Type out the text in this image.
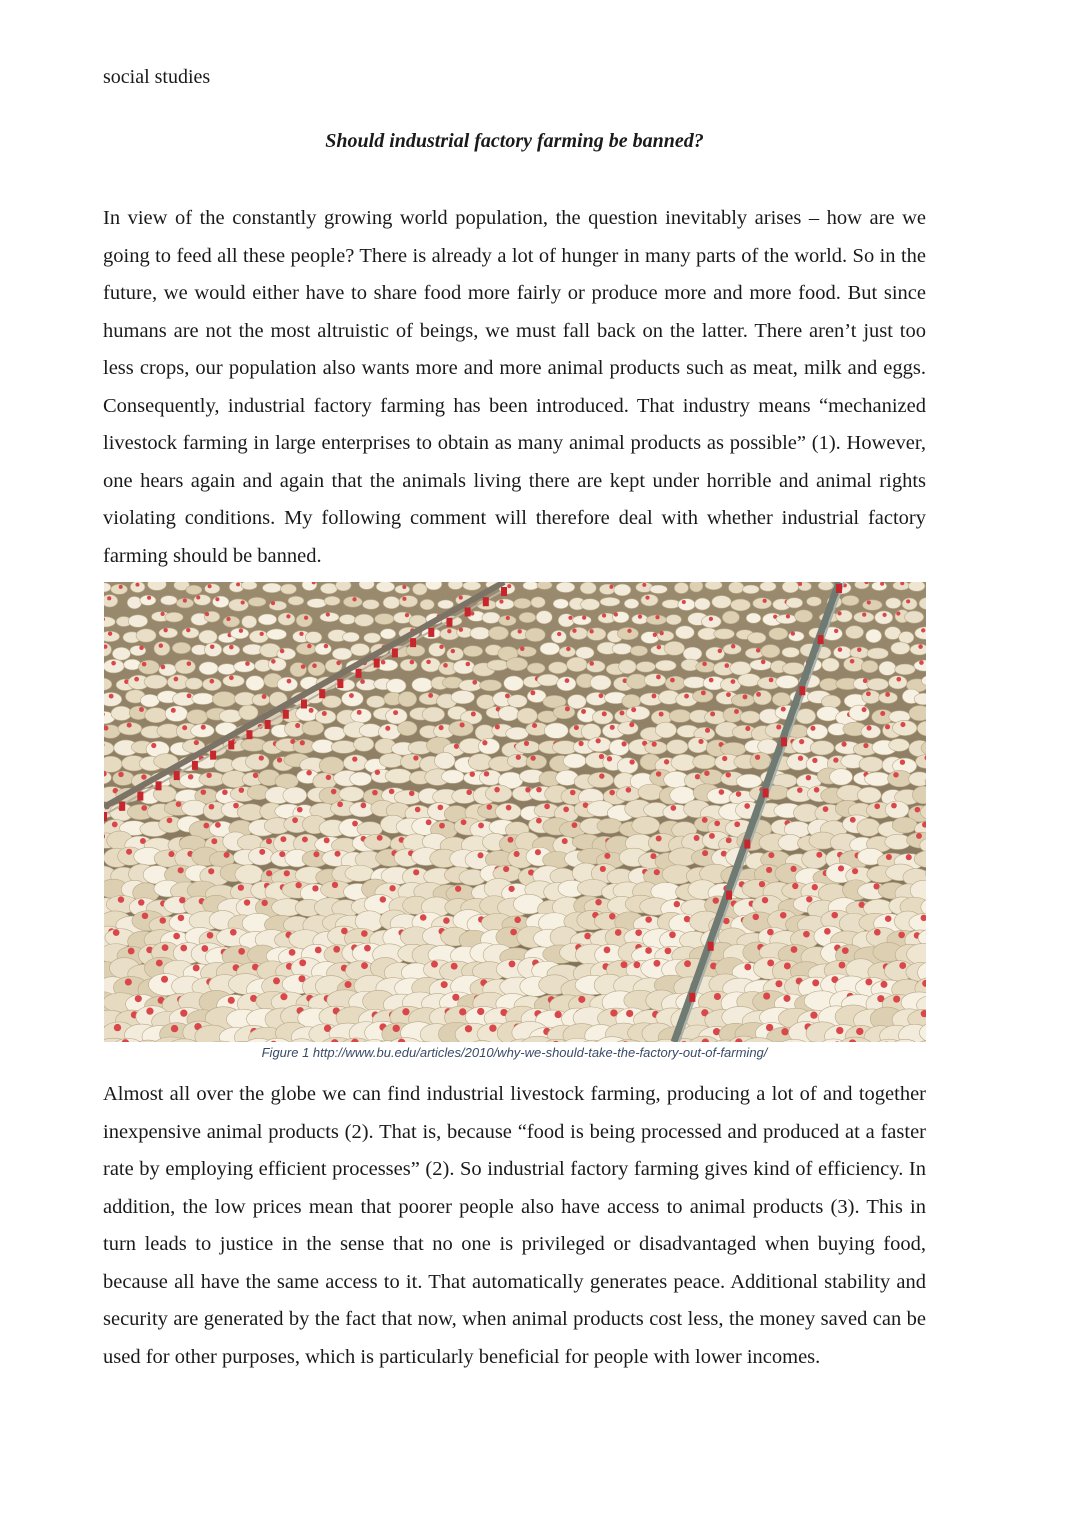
social studies
Should industrial factory farming be banned?

In view of the constantly growing world population, the question inevitably arises – how are we going to feed all these people? There is already a lot of hunger in many parts of the world. So in the future, we would either have to share food more fairly or produce more and more food. But since humans are not the most altruistic of beings, we must fall back on the latter. There aren’t just too less crops, our population also wants more and more animal products such as meat, milk and eggs. Consequently, industrial factory farming has been introduced. That industry means “mechanized livestock farming in large enterprises to obtain as many animal products as possible” (1). However, one hears again and again that the animals living there are kept under horrible and animal rights violating conditions. My following comment will therefore deal with whether industrial factory farming should be banned.

Figure 1 http://www.bu.edu/articles/2010/why-we-should-take-the-factory-out-of-farming/

Almost all over the globe we can find industrial livestock farming, producing a lot of and together inexpensive animal products (2). That is, because “food is being processed and produced at a faster rate by employing efficient processes” (2). So industrial factory farming gives kind of efficiency. In addition, the low prices mean that poorer people also have access to animal products (3). This in turn leads to justice in the sense that no one is privileged or disadvantaged when buying food, because all have the same access to it. That automatically generates peace. Additional stability and security are generated by the fact that now, when animal products cost less, the money saved can be used for other purposes, which is particularly beneficial for people with lower incomes.
